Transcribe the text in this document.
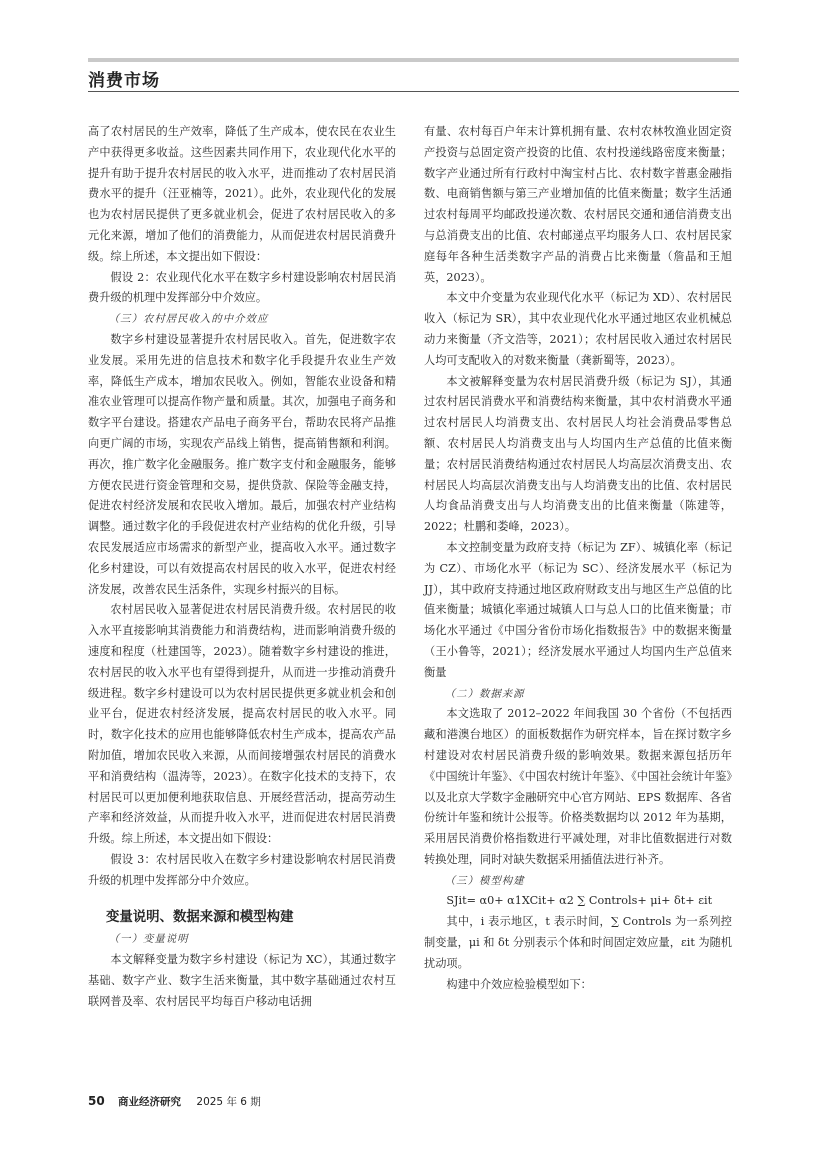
消费市场

高了农村居民的生产效率，降低了生产成本，使农民在农业生产中获得更多收益。这些因素共同作用下，农业现代化水平的提升有助于提升农村居民的收入水平，进而推动了农村居民消费水平的提升（汪亚楠等，2021）。此外，农业现代化的发展也为农村居民提供了更多就业机会，促进了农村居民收入的多元化来源，增加了他们的消费能力，从而促进农村居民消费升级。综上所述，本文提出如下假设：

假设 2：农业现代化水平在数字乡村建设影响农村居民消费升级的机理中发挥部分中介效应。

（三）农村居民收入的中介效应

数字乡村建设显著提升农村居民收入。首先，促进数字农业发展。采用先进的信息技术和数字化手段提升农业生产效率，降低生产成本，增加农民收入。例如，智能农业设备和精准农业管理可以提高作物产量和质量。其次，加强电子商务和数字平台建设。搭建农产品电子商务平台，帮助农民将产品推向更广阔的市场，实现农产品线上销售，提高销售额和利润。再次，推广数字化金融服务。推广数字支付和金融服务，能够方便农民进行资金管理和交易，提供贷款、保险等金融支持，促进农村经济发展和农民收入增加。最后，加强农村产业结构调整。通过数字化的手段促进农村产业结构的优化升级，引导农民发展适应市场需求的新型产业，提高收入水平。通过数字化乡村建设，可以有效提高农村居民的收入水平，促进农村经济发展，改善农民生活条件，实现乡村振兴的目标。

农村居民收入显著促进农村居民消费升级。农村居民的收入水平直接影响其消费能力和消费结构，进而影响消费升级的速度和程度（杜建国等，2023）。随着数字乡村建设的推进，农村居民的收入水平也有望得到提升，从而进一步推动消费升级进程。数字乡村建设可以为农村居民提供更多就业机会和创业平台，促进农村经济发展，提高农村居民的收入水平。同时，数字化技术的应用也能够降低农村生产成本，提高农产品附加值，增加农民收入来源，从而间接增强农村居民的消费水平和消费结构（温涛等，2023）。在数字化技术的支持下，农村居民可以更加便利地获取信息、开展经营活动，提高劳动生产率和经济效益，从而提升收入水平，进而促进农村居民消费升级。综上所述，本文提出如下假设：

假设 3：农村居民收入在数字乡村建设影响农村居民消费升级的机理中发挥部分中介效应。

变量说明、数据来源和模型构建

（一）变量说明

本文解释变量为数字乡村建设（标记为 XC），其通过数字基础、数字产业、数字生活来衡量，其中数字基础通过农村互联网普及率、农村居民平均每百户移动电话拥

有量、农村每百户年末计算机拥有量、农村农林牧渔业固定资产投资与总固定资产投资的比值、农村投递线路密度来衡量；数字产业通过所有行政村中淘宝村占比、农村数字普惠金融指数、电商销售额与第三产业增加值的比值来衡量；数字生活通过农村每周平均邮政投递次数、农村居民交通和通信消费支出与总消费支出的比值、农村邮递点平均服务人口、农村居民家庭每年各种生活类数字产品的消费占比来衡量（詹晶和王旭英，2023）。

本文中介变量为农业现代化水平（标记为 XD）、农村居民收入（标记为 SR），其中农业现代化水平通过地区农业机械总动力来衡量（齐文浩等，2021）；农村居民收入通过农村居民人均可支配收入的对数来衡量（龚新蜀等，2023）。

本文被解释变量为农村居民消费升级（标记为 SJ），其通过农村居民消费水平和消费结构来衡量，其中农村消费水平通过农村居民人均消费支出、农村居民人均社会消费品零售总额、农村居民人均消费支出与人均国内生产总值的比值来衡量；农村居民消费结构通过农村居民人均高层次消费支出、农村居民人均高层次消费支出与人均消费支出的比值、农村居民人均食品消费支出与人均消费支出的比值来衡量（陈建等，2022；杜鹏和娄峰，2023）。

本文控制变量为政府支持（标记为 ZF）、城镇化率（标记为 CZ）、市场化水平（标记为 SC）、经济发展水平（标记为 JJ），其中政府支持通过地区政府财政支出与地区生产总值的比值来衡量；城镇化率通过城镇人口与总人口的比值来衡量；市场化水平通过《中国分省份市场化指数报告》中的数据来衡量（王小鲁等，2021）；经济发展水平通过人均国内生产总值来衡量

（二）数据来源

本文选取了 2012–2022 年间我国 30 个省份（不包括西藏和港澳台地区）的面板数据作为研究样本，旨在探讨数字乡村建设对农村居民消费升级的影响效果。数据来源包括历年《中国统计年鉴》、《中国农村统计年鉴》、《中国社会统计年鉴》以及北京大学数字金融研究中心官方网站、EPS 数据库、各省份统计年鉴和统计公报等。价格类数据均以 2012 年为基期，采用居民消费价格指数进行平减处理，对非比值数据进行对数转换处理，同时对缺失数据采用插值法进行补齐。

（三）模型构建

SJit= α0+ α1XCit+ α2 ∑ Controls+ μi+ δt+ εit

其中，i 表示地区，t 表示时间，∑ Controls 为一系列控制变量，μi 和 δt 分别表示个体和时间固定效应量，εit 为随机扰动项。

构建中介效应检验模型如下：

50 商业经济研究 2025 年 6 期
